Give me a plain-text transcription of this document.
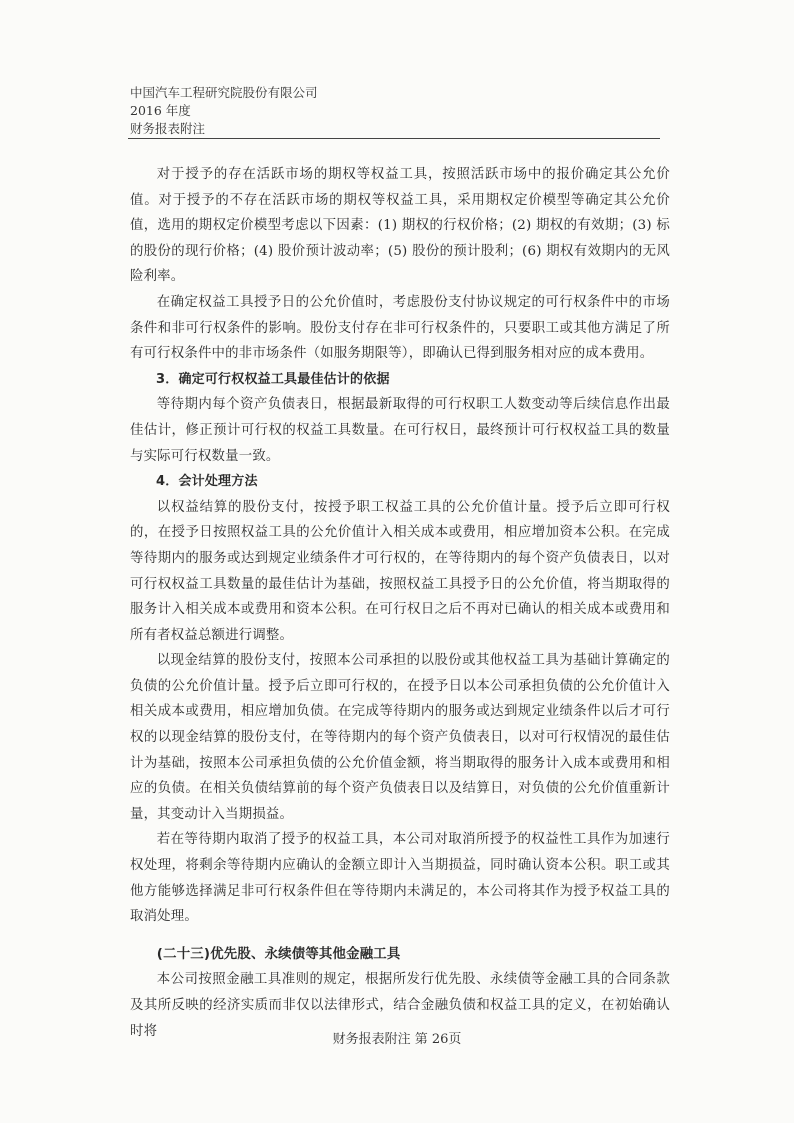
中国汽车工程研究院股份有限公司
2016 年度
财务报表附注

对于授予的存在活跃市场的期权等权益工具，按照活跃市场中的报价确定其公允价值。对于授予的不存在活跃市场的期权等权益工具，采用期权定价模型等确定其公允价值，选用的期权定价模型考虑以下因素：(1) 期权的行权价格；(2) 期权的有效期；(3) 标的股份的现行价格；(4) 股价预计波动率；(5) 股份的预计股利；(6) 期权有效期内的无风险利率。

在确定权益工具授予日的公允价值时，考虑股份支付协议规定的可行权条件中的市场条件和非可行权条件的影响。股份支付存在非可行权条件的，只要职工或其他方满足了所有可行权条件中的非市场条件（如服务期限等），即确认已得到服务相对应的成本费用。

3．确定可行权权益工具最佳估计的依据

等待期内每个资产负债表日，根据最新取得的可行权职工人数变动等后续信息作出最佳估计，修正预计可行权的权益工具数量。在可行权日，最终预计可行权权益工具的数量与实际可行权数量一致。

4．会计处理方法

以权益结算的股份支付，按授予职工权益工具的公允价值计量。授予后立即可行权的，在授予日按照权益工具的公允价值计入相关成本或费用，相应增加资本公积。在完成等待期内的服务或达到规定业绩条件才可行权的，在等待期内的每个资产负债表日，以对可行权权益工具数量的最佳估计为基础，按照权益工具授予日的公允价值，将当期取得的服务计入相关成本或费用和资本公积。在可行权日之后不再对已确认的相关成本或费用和所有者权益总额进行调整。

以现金结算的股份支付，按照本公司承担的以股份或其他权益工具为基础计算确定的负债的公允价值计量。授予后立即可行权的，在授予日以本公司承担负债的公允价值计入相关成本或费用，相应增加负债。在完成等待期内的服务或达到规定业绩条件以后才可行权的以现金结算的股份支付，在等待期内的每个资产负债表日，以对可行权情况的最佳估计为基础，按照本公司承担负债的公允价值金额，将当期取得的服务计入成本或费用和相应的负债。在相关负债结算前的每个资产负债表日以及结算日，对负债的公允价值重新计量，其变动计入当期损益。

若在等待期内取消了授予的权益工具，本公司对取消所授予的权益性工具作为加速行权处理，将剩余等待期内应确认的金额立即计入当期损益，同时确认资本公积。职工或其他方能够选择满足非可行权条件但在等待期内未满足的，本公司将其作为授予权益工具的取消处理。

(二十三)优先股、永续债等其他金融工具

本公司按照金融工具准则的规定，根据所发行优先股、永续债等金融工具的合同条款及其所反映的经济实质而非仅以法律形式，结合金融负债和权益工具的定义，在初始确认时将

财务报表附注 第 26页
